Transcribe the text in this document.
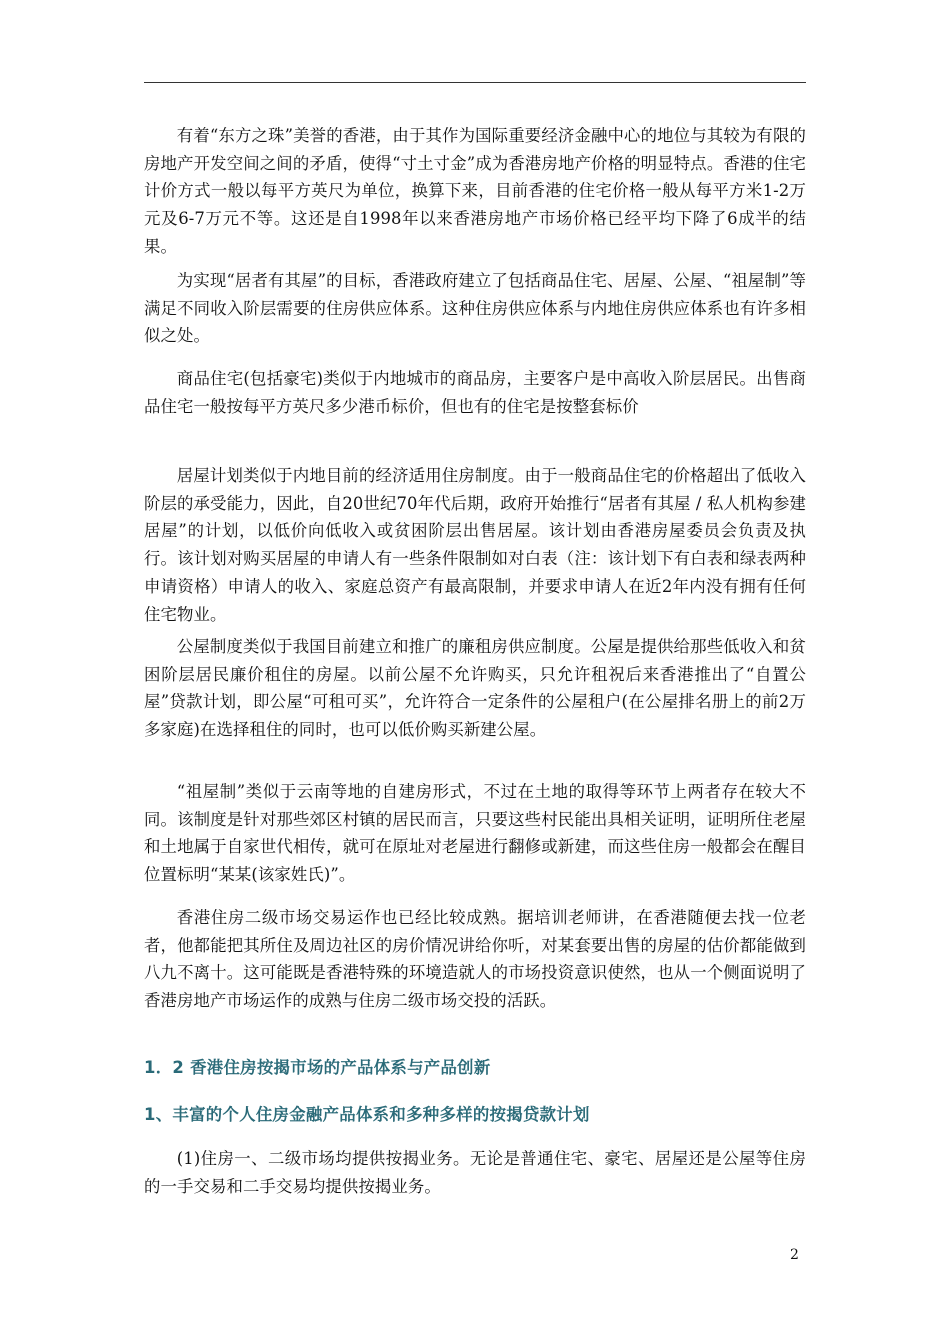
有着“东方之珠”美誉的香港，由于其作为国际重要经济金融中心的地位与其较为有限的房地产开发空间之间的矛盾，使得“寸土寸金”成为香港房地产价格的明显特点。香港的住宅计价方式一般以每平方英尺为单位，换算下来，目前香港的住宅价格一般从每平方米1-2万元及6-7万元不等。这还是自1998年以来香港房地产市场价格已经平均下降了6成半的结果。

为实现“居者有其屋”的目标，香港政府建立了包括商品住宅、居屋、公屋、“祖屋制”等满足不同收入阶层需要的住房供应体系。这种住房供应体系与内地住房供应体系也有许多相似之处。

商品住宅(包括豪宅)类似于内地城市的商品房，主要客户是中高收入阶层居民。出售商品住宅一般按每平方英尺多少港币标价，但也有的住宅是按整套标价

居屋计划类似于内地目前的经济适用住房制度。由于一般商品住宅的价格超出了低收入阶层的承受能力，因此，自20世纪70年代后期，政府开始推行“居者有其屋 / 私人机构参建居屋”的计划，以低价向低收入或贫困阶层出售居屋。该计划由香港房屋委员会负责及执行。该计划对购买居屋的申请人有一些条件限制如对白表（注：该计划下有白表和绿表两种申请资格）申请人的收入、家庭总资产有最高限制，并要求申请人在近2年内没有拥有任何住宅物业。

公屋制度类似于我国目前建立和推广的廉租房供应制度。公屋是提供给那些低收入和贫困阶层居民廉价租住的房屋。以前公屋不允许购买，只允许租祝后来香港推出了“自置公屋”贷款计划，即公屋“可租可买”，允许符合一定条件的公屋租户(在公屋排名册上的前2万多家庭)在选择租住的同时，也可以低价购买新建公屋。

“祖屋制”类似于云南等地的自建房形式，不过在土地的取得等环节上两者存在较大不同。该制度是针对那些郊区村镇的居民而言，只要这些村民能出具相关证明，证明所住老屋和土地属于自家世代相传，就可在原址对老屋进行翻修或新建，而这些住房一般都会在醒目位置标明“某某(该家姓氏)”。

香港住房二级市场交易运作也已经比较成熟。据培训老师讲，在香港随便去找一位老者，他都能把其所住及周边社区的房价情况讲给你听，对某套要出售的房屋的估价都能做到八九不离十。这可能既是香港特殊的环境造就人的市场投资意识使然，也从一个侧面说明了香港房地产市场运作的成熟与住房二级市场交投的活跃。

1．2 香港住房按揭市场的产品体系与产品创新

1、丰富的个人住房金融产品体系和多种多样的按揭贷款计划

(1)住房一、二级市场均提供按揭业务。无论是普通住宅、豪宅、居屋还是公屋等住房的一手交易和二手交易均提供按揭业务。

2
